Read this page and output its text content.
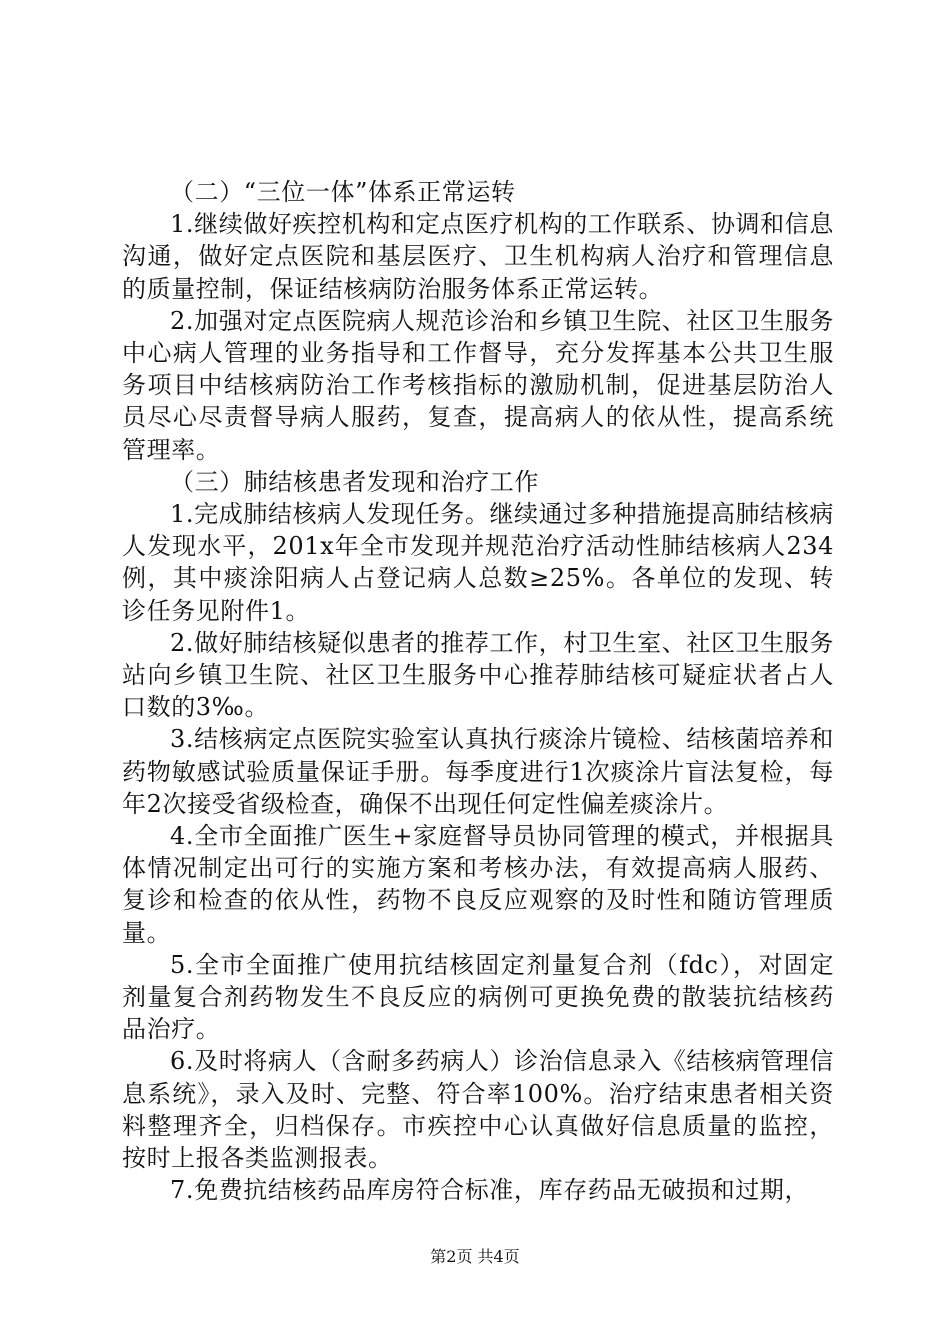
（二）“三位一体”体系正常运转

1.继续做好疾控机构和定点医疗机构的工作联系、协调和信息沟通，做好定点医院和基层医疗、卫生机构病人治疗和管理信息的质量控制，保证结核病防治服务体系正常运转。

2.加强对定点医院病人规范诊治和乡镇卫生院、社区卫生服务中心病人管理的业务指导和工作督导，充分发挥基本公共卫生服务项目中结核病防治工作考核指标的激励机制，促进基层防治人员尽心尽责督导病人服药，复查，提高病人的依从性，提高系统管理率。

（三）肺结核患者发现和治疗工作

1.完成肺结核病人发现任务。继续通过多种措施提高肺结核病人发现水平，201x年全市发现并规范治疗活动性肺结核病人234例，其中痰涂阳病人占登记病人总数≥25%。各单位的发现、转诊任务见附件1。

2.做好肺结核疑似患者的推荐工作，村卫生室、社区卫生服务站向乡镇卫生院、社区卫生服务中心推荐肺结核可疑症状者占人口数的3‰。

3.结核病定点医院实验室认真执行痰涂片镜检、结核菌培养和药物敏感试验质量保证手册。每季度进行1次痰涂片盲法复检，每年2次接受省级检查，确保不出现任何定性偏差痰涂片。

4.全市全面推广医生+家庭督导员协同管理的模式，并根据具体情况制定出可行的实施方案和考核办法，有效提高病人服药、复诊和检查的依从性，药物不良反应观察的及时性和随访管理质量。

5.全市全面推广使用抗结核固定剂量复合剂（fdc），对固定剂量复合剂药物发生不良反应的病例可更换免费的散装抗结核药品治疗。

6.及时将病人（含耐多药病人）诊治信息录入《结核病管理信息系统》，录入及时、完整、符合率100%。治疗结束患者相关资料整理齐全，归档保存。市疾控中心认真做好信息质量的监控，按时上报各类监测报表。

7.免费抗结核药品库房符合标准，库存药品无破损和过期，

第2页 共4页
